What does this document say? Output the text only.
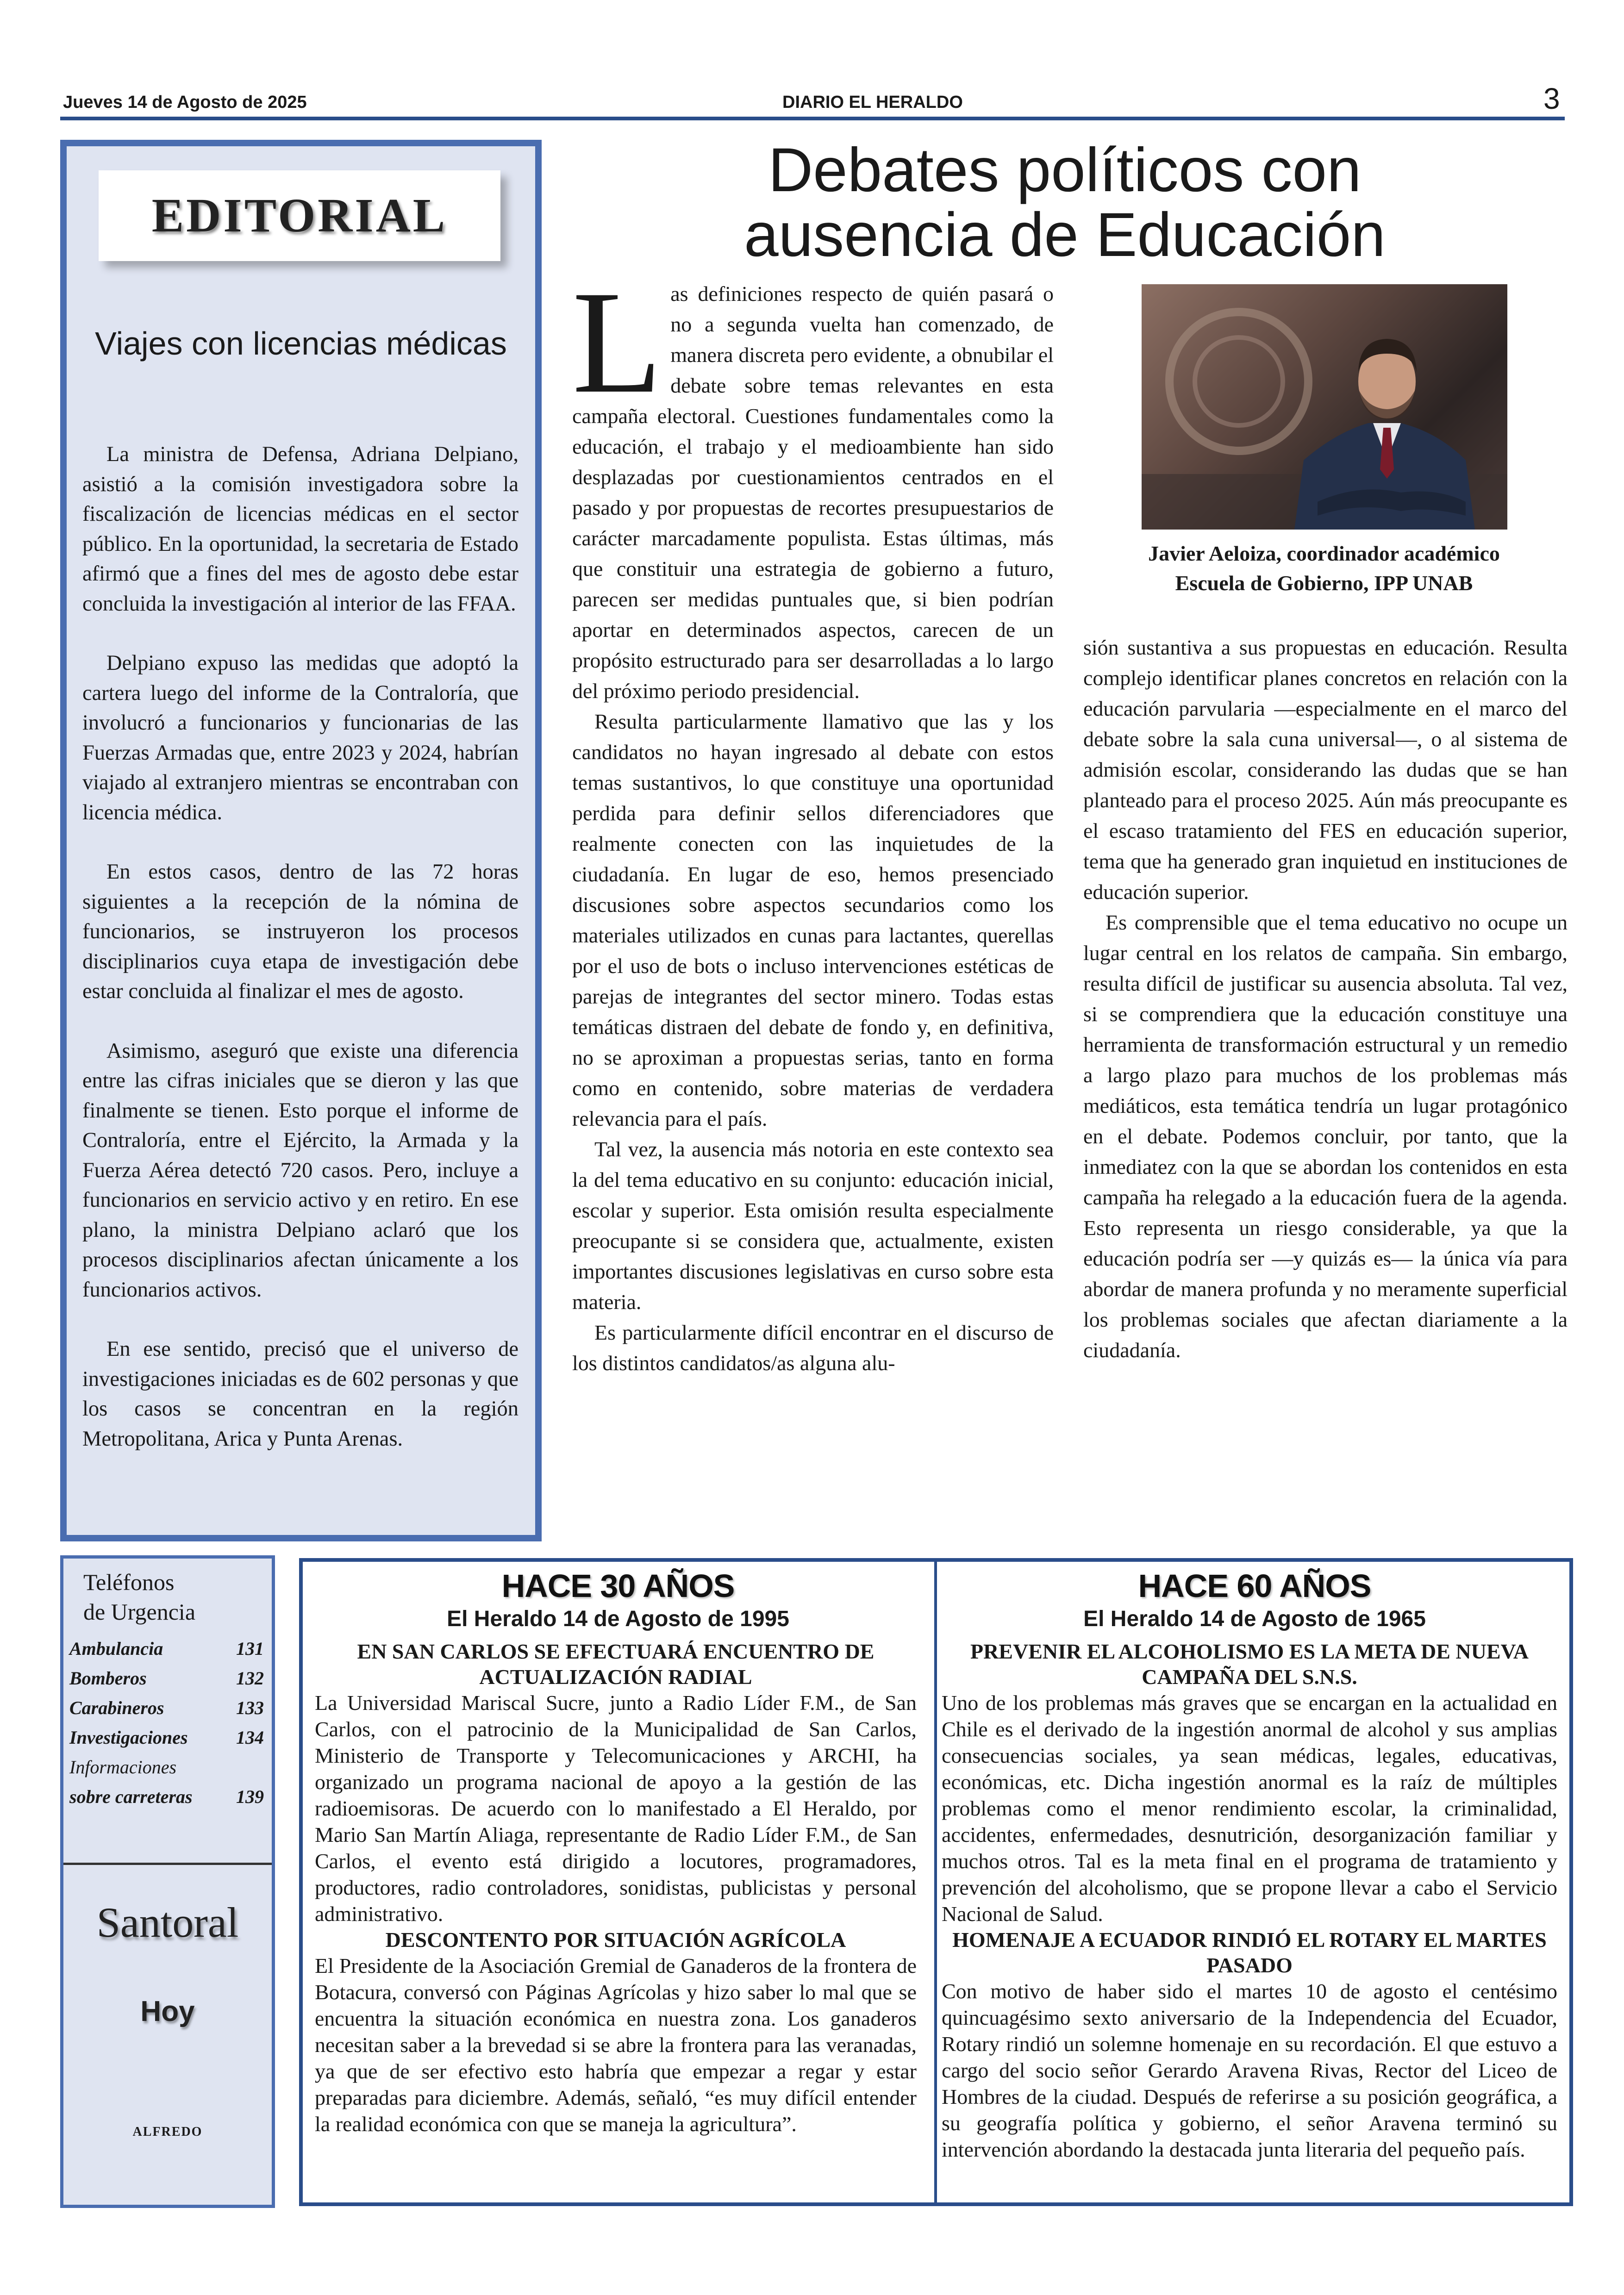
Jueves 14 de Agosto de 2025	DIARIO EL HERALDO	3
EDITORIAL
Viajes con licencias médicas

La ministra de Defensa, Adriana Delpiano, asistió a la comisión investigadora sobre la fiscalización de licencias médicas en el sector público. En la oportunidad, la secretaria de Estado afirmó que a fines del mes de agosto debe estar concluida la investigación al interior de las FFAA.

Delpiano expuso las medidas que adoptó la cartera luego del informe de la Contraloría, que involucró a funcionarios y funcionarias de las Fuerzas Armadas que, entre 2023 y 2024, habrían viajado al extranjero mientras se encontraban con licencia médica.

En estos casos, dentro de las 72 horas siguientes a la recepción de la nómina de funcionarios, se instruyeron los procesos disciplinarios cuya etapa de investigación debe estar concluida al finalizar el mes de agosto.

Asimismo, aseguró que existe una diferencia entre las cifras iniciales que se dieron y las que finalmente se tienen. Esto porque el informe de Contraloría, entre el Ejército, la Armada y la Fuerza Aérea detectó 720 casos. Pero, incluye a funcionarios en servicio activo y en retiro. En ese plano, la ministra Delpiano aclaró que los procesos disciplinarios afectan únicamente a los funcionarios activos.

En ese sentido, precisó que el universo de investigaciones iniciadas es de 602 personas y que los casos se concentran en la región Metropolitana, Arica y Punta Arenas.

Debates políticos con ausencia de Educación
L as definiciones respecto de quién pasará o no a segunda vuelta han comenzado, de manera discreta pero evidente, a obnubilar el debate sobre temas relevantes en esta campaña electoral. Cuestiones fundamentales como la educación, el trabajo y el medioambiente han sido desplazadas por cuestionamientos centrados en el pasado y por propuestas de recortes presupuestarios de carácter marcadamente populista. Estas últimas, más que constituir una estrategia de gobierno a futuro, parecen ser medidas puntuales que, si bien podrían aportar en determinados aspectos, carecen de un propósito estructurado para ser desarrolladas a lo largo del próximo periodo presidencial.

Resulta particularmente llamativo que las y los candidatos no hayan ingresado al debate con estos temas sustantivos, lo que constituye una oportunidad perdida para definir sellos diferenciadores que realmente conecten con las inquietudes de la ciudadanía. En lugar de eso, hemos presenciado discusiones sobre aspectos secundarios como los materiales utilizados en cunas para lactantes, querellas por el uso de bots o incluso intervenciones estéticas de parejas de integrantes del sector minero. Todas estas temáticas distraen del debate de fondo y, en definitiva, no se aproximan a propuestas serias, tanto en forma como en contenido, sobre materias de verdadera relevancia para el país.

Tal vez, la ausencia más notoria en este contexto sea la del tema educativo en su conjunto: educación inicial, escolar y superior. Esta omisión resulta especialmente preocupante si se considera que, actualmente, existen importantes discusiones legislativas en curso sobre esta materia.

Es particularmente difícil encontrar en el discurso de los distintos candidatos/as alguna alu-

Javier Aeloiza, coordinador académico
Escuela de Gobierno, IPP UNAB

sión sustantiva a sus propuestas en educación. Resulta complejo identificar planes concretos en relación con la educación parvularia —especialmente en el marco del debate sobre la sala cuna universal—, o al sistema de admisión escolar, considerando las dudas que se han planteado para el proceso 2025. Aún más preocupante es el escaso tratamiento del FES en educación superior, tema que ha generado gran inquietud en instituciones de educación superior.

Es comprensible que el tema educativo no ocupe un lugar central en los relatos de campaña. Sin embargo, resulta difícil de justificar su ausencia absoluta. Tal vez, si se comprendiera que la educación constituye una herramienta de transformación estructural y un remedio a largo plazo para muchos de los problemas más mediáticos, esta temática tendría un lugar protagónico en el debate. Podemos concluir, por tanto, que la inmediatez con la que se abordan los contenidos en esta campaña ha relegado a la educación fuera de la agenda. Esto representa un riesgo considerable, ya que la educación podría ser —y quizás es— la única vía para abordar de manera profunda y no meramente superficial los problemas sociales que afectan diariamente a la ciudadanía.

Teléfonos
de Urgencia
Ambulancia	131
Bomberos	132
Carabineros	133
Investigaciones	134
Informaciones
sobre carreteras 139
Santoral
Hoy
ALFREDO
HACE 30 AÑOS
El Heraldo 14 de Agosto de 1995
EN SAN CARLOS SE EFECTUARÁ ENCUENTRO DE ACTUALIZACIÓN RADIAL

La Universidad Mariscal Sucre, junto a Radio Líder F.M., de San Carlos, con el patrocinio de la Municipalidad de San Carlos, Ministerio de Transporte y Telecomunicaciones y ARCHI, ha organizado un programa nacional de apoyo a la gestión de las radioemisoras. De acuerdo con lo manifestado a El Heraldo, por Mario San Martín Aliaga, representante de Radio Líder F.M., de San Carlos, el evento está dirigido a locutores, programadores, productores, radio controladores, sonidistas, publicistas y personal administrativo.

DESCONTENTO POR SITUACIÓN AGRÍCOLA

El Presidente de la Asociación Gremial de Ganaderos de la frontera de Botacura, conversó con Páginas Agrícolas y hizo saber lo mal que se encuentra la situación económica en nuestra zona. Los ganaderos necesitan saber a la brevedad si se abre la frontera para las veranadas, ya que de ser efectivo esto habría que empezar a regar y estar preparadas para diciembre. Además, señaló, “es muy difícil entender la realidad económica con que se maneja la agricultura”.

HACE 60 AÑOS
El Heraldo 14 de Agosto de 1965
PREVENIR EL ALCOHOLISMO ES LA META DE NUEVA CAMPAÑA DEL S.N.S.

Uno de los problemas más graves que se encargan en la actualidad en Chile es el derivado de la ingestión anormal de alcohol y sus amplias consecuencias sociales, ya sean médicas, legales, educativas, económicas, etc. Dicha ingestión anormal es la raíz de múltiples problemas como el menor rendimiento escolar, la criminalidad, accidentes, enfermedades, desnutrición, desorganización familiar y muchos otros. Tal es la meta final en el programa de tratamiento y prevención del alcoholismo, que se propone llevar a cabo el Servicio Nacional de Salud.

HOMENAJE A ECUADOR RINDIÓ EL ROTARY EL MARTES PASADO

Con motivo de haber sido el martes 10 de agosto el centésimo quincuagésimo sexto aniversario de la Independencia del Ecuador, Rotary rindió un solemne homenaje en su recordación. El que estuvo a cargo del socio señor Gerardo Aravena Rivas, Rector del Liceo de Hombres de la ciudad. Después de referirse a su posición geográfica, a su geografía política y gobierno, el señor Aravena terminó su intervención abordando la destacada junta literaria del pequeño país.
